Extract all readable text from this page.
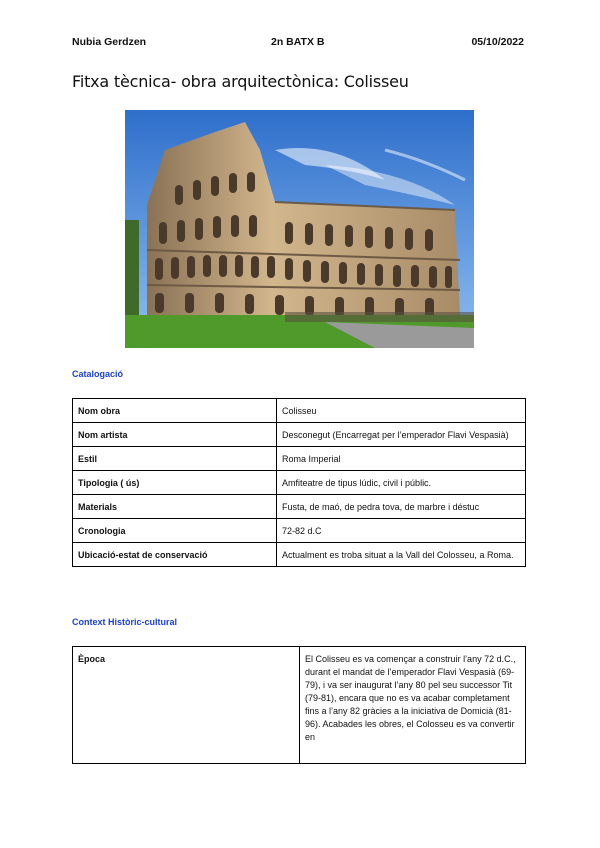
Nubia Gerdzen	2n BATX B	05/10/2022
Fitxa tècnica- obra arquitectònica: Colisseu
Catalogació
Nom obra	Colisseu
Nom artista	Desconegut (Encarregat per l’emperador Flavi Vespasià)
Estil	Roma Imperial
Tipologia ( ús)	Amfiteatre de tipus lúdic, civil i públic.
Materials	Fusta, de maó, de pedra tova, de marbre i déstuc
Cronologia	72-82 d.C
Ubicació-estat de conservació	Actualment es troba situat a la Vall del Colosseu, a Roma.
Context Històric-cultural
Època	El Colisseu es va començar a construir l’any 72 d.C., durant el mandat de l’emperador Flavi Vespasià (69-79), i va ser inaugurat l’any 80 pel seu successor Tit (79-81), encara que no es va acabar completament fins a l’any 82 gràcies a la iniciativa de Domicià (81-96). Acabades les obres, el Colosseu es va convertir en
